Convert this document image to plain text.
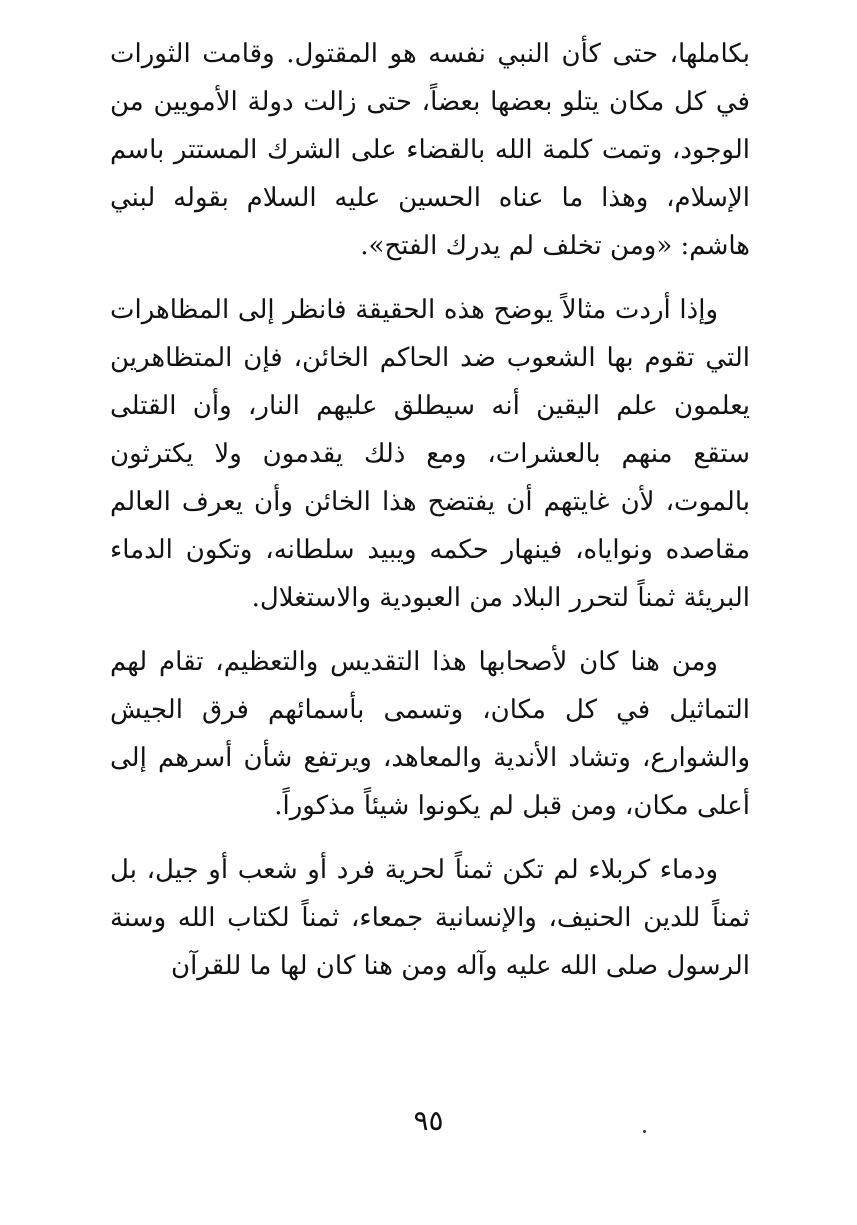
بكاملها، حتى كأن النبي نفسه هو المقتول. وقامت الثورات في كل مكان يتلو بعضها بعضاً، حتى زالت دولة الأمويين من الوجود، وتمت كلمة الله بالقضاء على الشرك المستتر باسم الإسلام، وهذا ما عناه الحسين عليه السلام بقوله لبني هاشم: «ومن تخلف لم يدرك الفتح».

وإذا أردت مثالاً يوضح هذه الحقيقة فانظر إلى المظاهرات التي تقوم بها الشعوب ضد الحاكم الخائن، فإن المتظاهرين يعلمون علم اليقين أنه سيطلق عليهم النار، وأن القتلى ستقع منهم بالعشرات، ومع ذلك يقدمون ولا يكترثون بالموت، لأن غايتهم أن يفتضح هذا الخائن وأن يعرف العالم مقاصده ونواياه، فينهار حكمه ويبيد سلطانه، وتكون الدماء البريئة ثمناً لتحرر البلاد من العبودية والاستغلال.

ومن هنا كان لأصحابها هذا التقديس والتعظيم، تقام لهم التماثيل في كل مكان، وتسمى بأسمائهم فرق الجيش والشوارع، وتشاد الأندية والمعاهد، ويرتفع شأن أسرهم إلى أعلى مكان، ومن قبل لم يكونوا شيئاً مذكوراً.

ودماء كربلاء لم تكن ثمناً لحرية فرد أو شعب أو جيل، بل ثمناً للدين الحنيف، والإنسانية جمعاء، ثمناً لكتاب الله وسنة الرسول صلى الله عليه وآله ومن هنا كان لها ما للقرآن

٩٥
